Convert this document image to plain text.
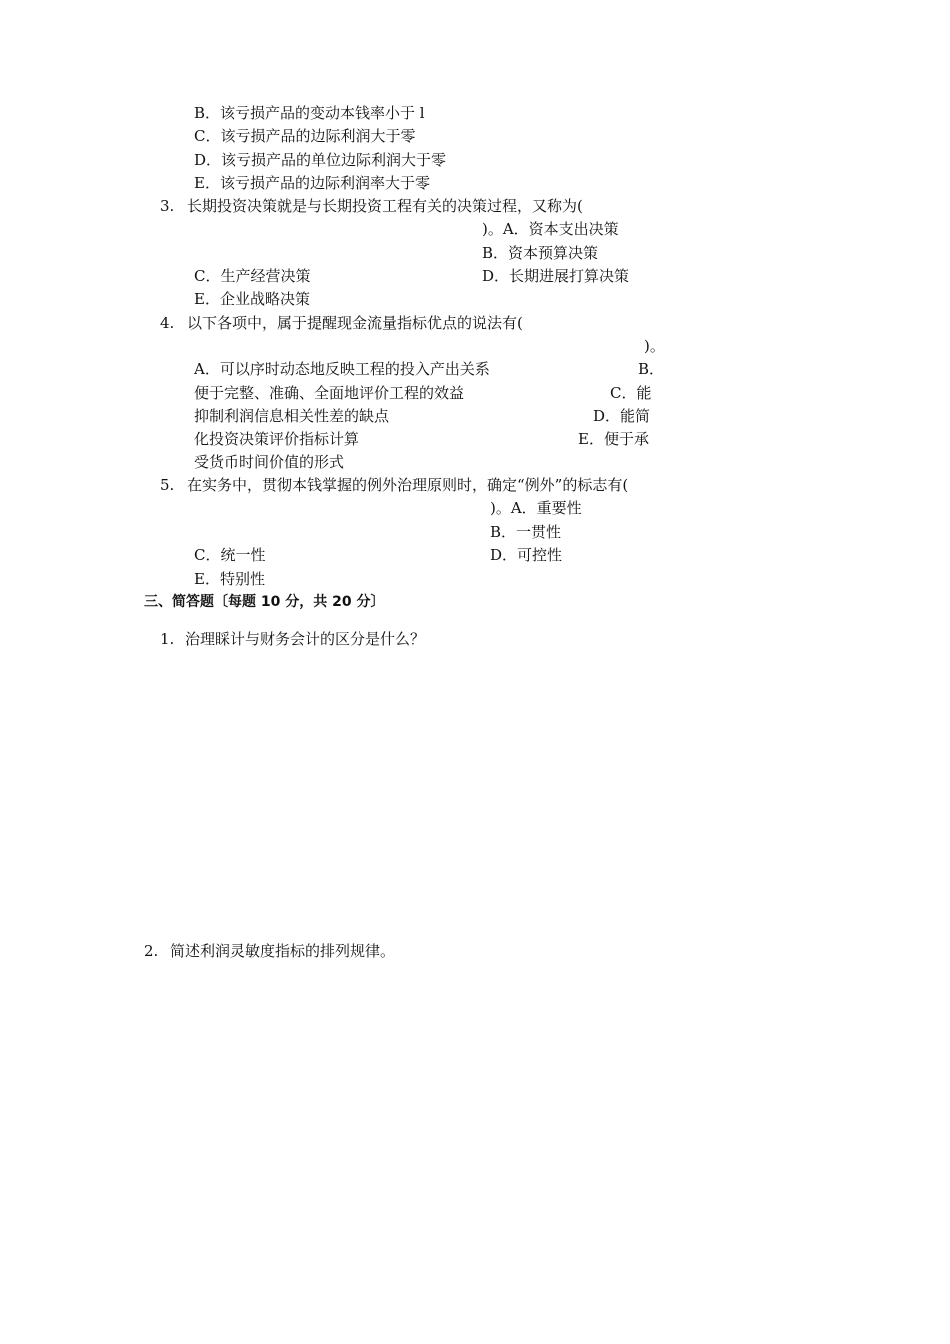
B．该亏损产品的变动本钱率小于 l
C．该亏损产品的边际利润大于零
D．该亏损产品的单位边际利润大于零
E．该亏损产品的边际利润率大于零
3. 长期投资决策就是与长期投资工程有关的决策过程，又称为(
)。A．资本支出决策
B．资本预算决策
C．生产经营决策	D．长期进展打算决策
E．企业战略决策
4. 以下各项中，属于提醒现金流量指标优点的说法有(
)。
A．可以序时动态地反映工程的投入产出关系	B．
便于完整、准确、全面地评价工程的效益	C．能
抑制利润信息相关性差的缺点	D．能简
化投资决策评价指标计算	E．便于承
受货币时间价值的形式
5. 在实务中，贯彻本钱掌握的例外治理原则时，确定“例外”的标志有(
)。A．重要性
B．一贯性
C．统一性	D．可控性
E．特别性
三、简答题〔每题 10 分，共 20 分〕
1. 治理睬计与财务会计的区分是什么？
2. 简述利润灵敏度指标的排列规律。
